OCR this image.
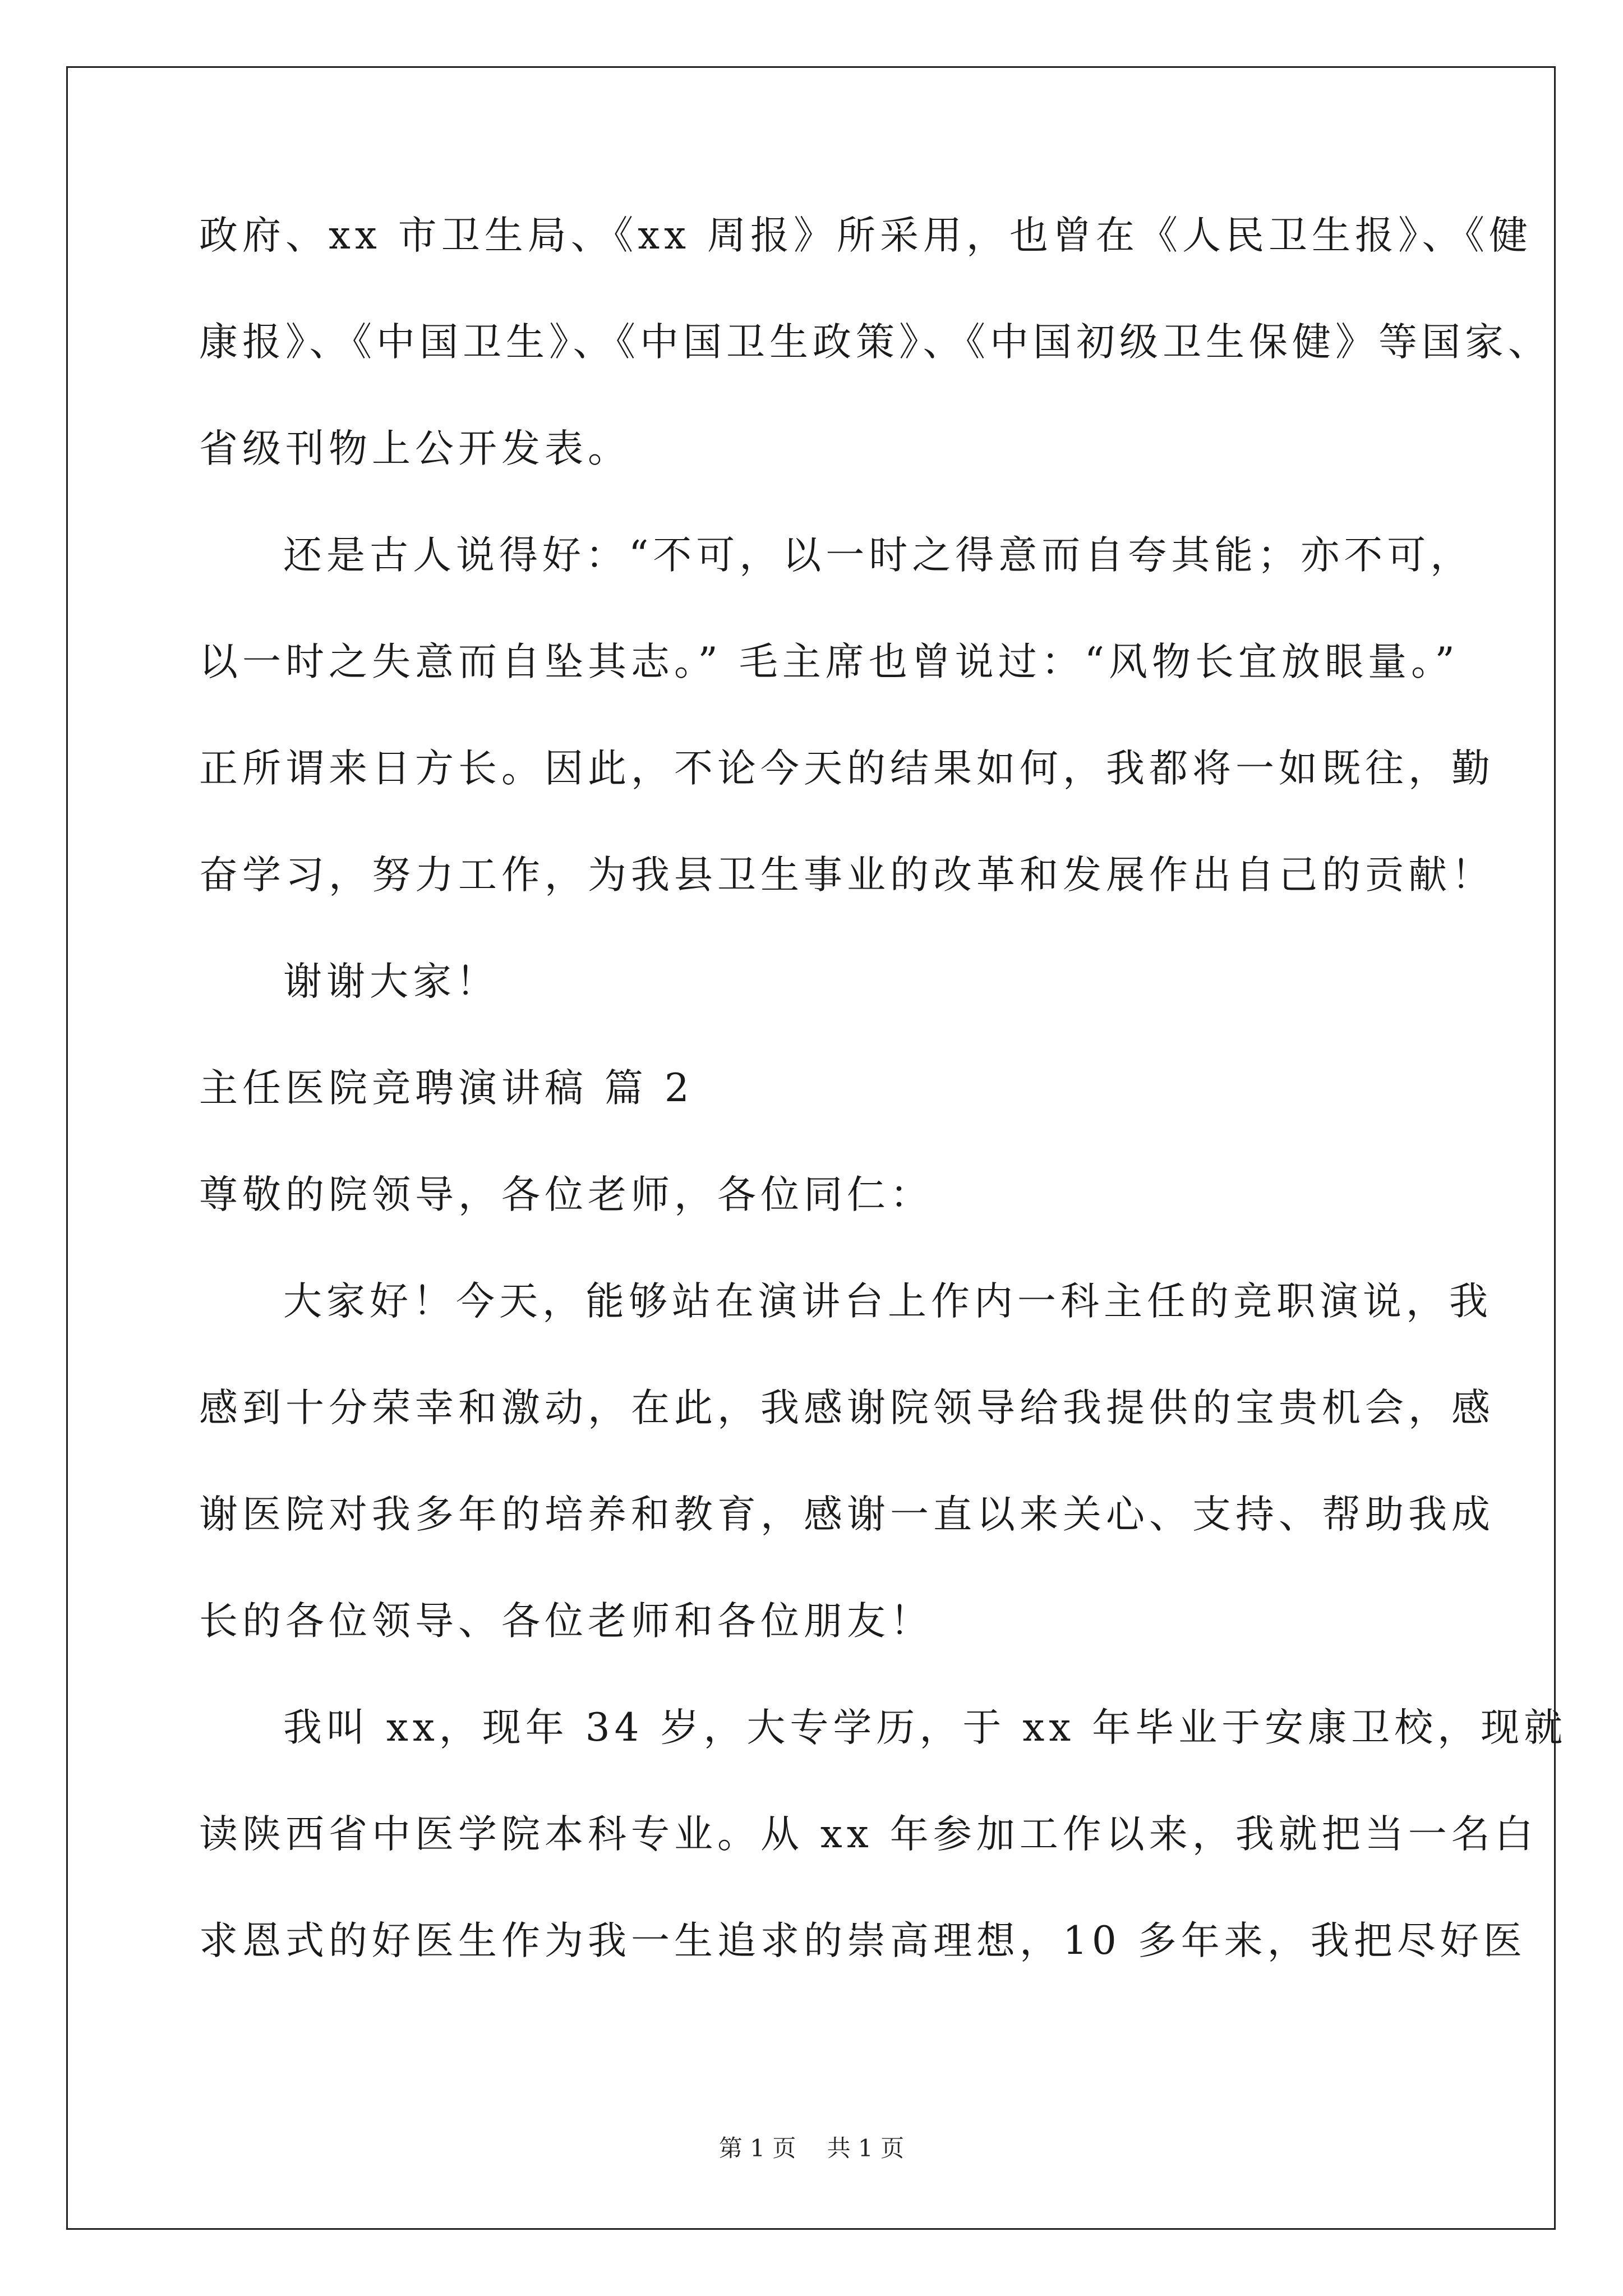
政府、xx 市卫生局、《xx 周报》所采用，也曾在《人民卫生报》、《健
康报》、《中国卫生》、《中国卫生政策》、《中国初级卫生保健》等国家、
省级刊物上公开发表。
还是古人说得好：“不可，以一时之得意而自夸其能；亦不可，
以一时之失意而自坠其志。” 毛主席也曾说过：“风物长宜放眼量。”
正所谓来日方长。因此，不论今天的结果如何，我都将一如既往，勤
奋学习，努力工作，为我县卫生事业的改革和发展作出自己的贡献！
谢谢大家！
主任医院竞聘演讲稿 篇 2
尊敬的院领导，各位老师，各位同仁：
大家好！今天，能够站在演讲台上作内一科主任的竞职演说，我
感到十分荣幸和激动，在此，我感谢院领导给我提供的宝贵机会，感
谢医院对我多年的培养和教育，感谢一直以来关心、支持、帮助我成
长的各位领导、各位老师和各位朋友！
我叫 xx，现年 34 岁，大专学历，于 xx 年毕业于安康卫校，现就
读陕西省中医学院本科专业。从 xx 年参加工作以来，我就把当一名白
求恩式的好医生作为我一生追求的崇高理想，10 多年来，我把尽好医
第 1 页　 共 1 页
